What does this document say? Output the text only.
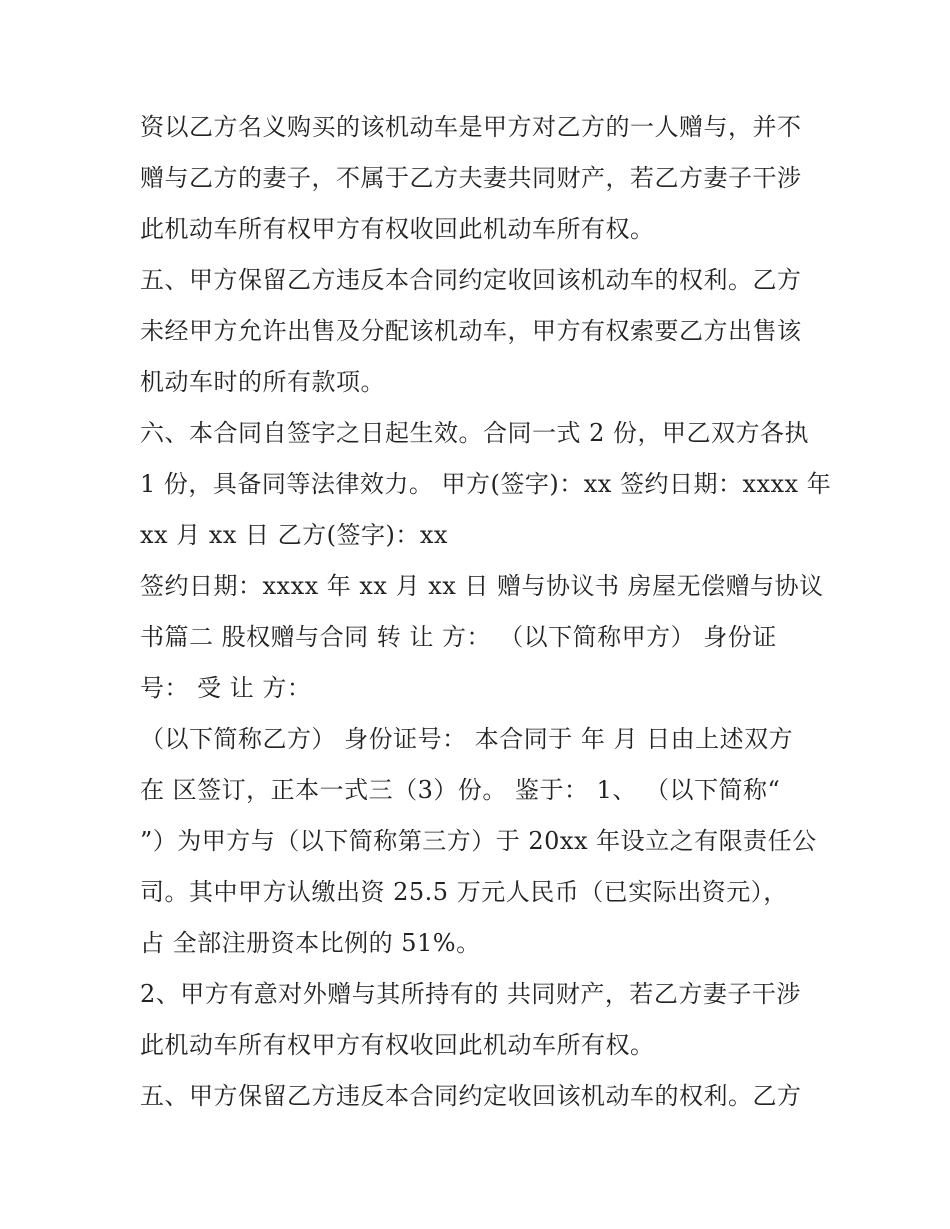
资以乙方名义购买的该机动车是甲方对乙方的一人赠与，并不
赠与乙方的妻子，不属于乙方夫妻共同财产，若乙方妻子干涉
此机动车所有权甲方有权收回此机动车所有权。
五、甲方保留乙方违反本合同约定收回该机动车的权利。乙方
未经甲方允许出售及分配该机动车，甲方有权索要乙方出售该
机动车时的所有款项。
六、本合同自签字之日起生效。合同一式 2 份，甲乙双方各执
1 份，具备同等法律效力。 甲方(签字)：xx 签约日期：xxxx 年
xx 月 xx 日 乙方(签字)：xx
签约日期：xxxx 年 xx 月 xx 日 赠与协议书 房屋无偿赠与协议
书篇二 股权赠与合同 转 让 方： （以下简称甲方） 身份证
号： 受 让 方：
（以下简称乙方） 身份证号： 本合同于 年 月 日由上述双方
在 区签订，正本一式三（3）份。 鉴于： 1、 （以下简称“
”）为甲方与（以下简称第三方）于 20xx 年设立之有限责任公
司。其中甲方认缴出资 25.5 万元人民币（已实际出资元），
占 全部注册资本比例的 51%。
2、甲方有意对外赠与其所持有的 共同财产，若乙方妻子干涉
此机动车所有权甲方有权收回此机动车所有权。
五、甲方保留乙方违反本合同约定收回该机动车的权利。乙方
